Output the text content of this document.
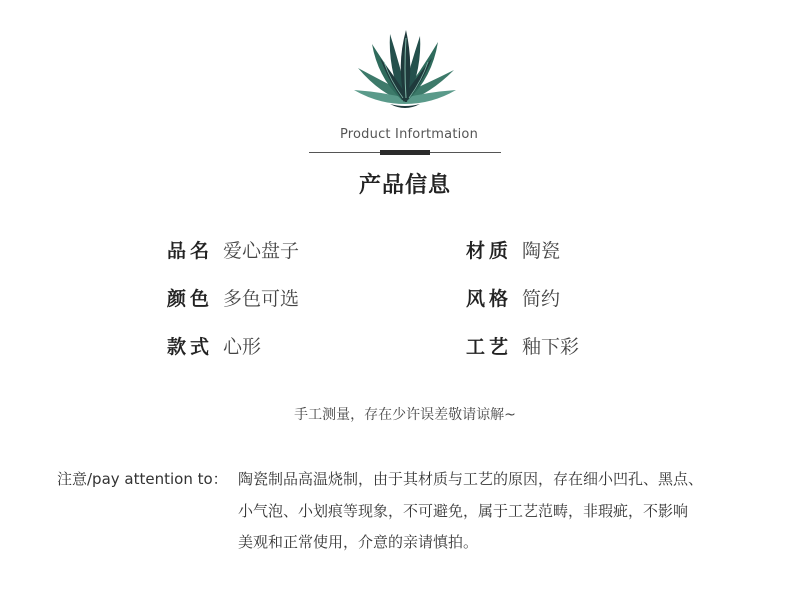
Product Infortmation
产品信息
品名 爱心盘子	材质 陶瓷
颜色 多色可选	风格 简约
款式 心形	工艺 釉下彩
手工测量，存在少许误差敬请谅解~
注意/pay attention to： 陶瓷制品高温烧制，由于其材质与工艺的原因，存在细小凹孔、黑点、
小气泡、小划痕等现象，不可避免，属于工艺范畴，非瑕疵，不影响
美观和正常使用，介意的亲请慎拍。
